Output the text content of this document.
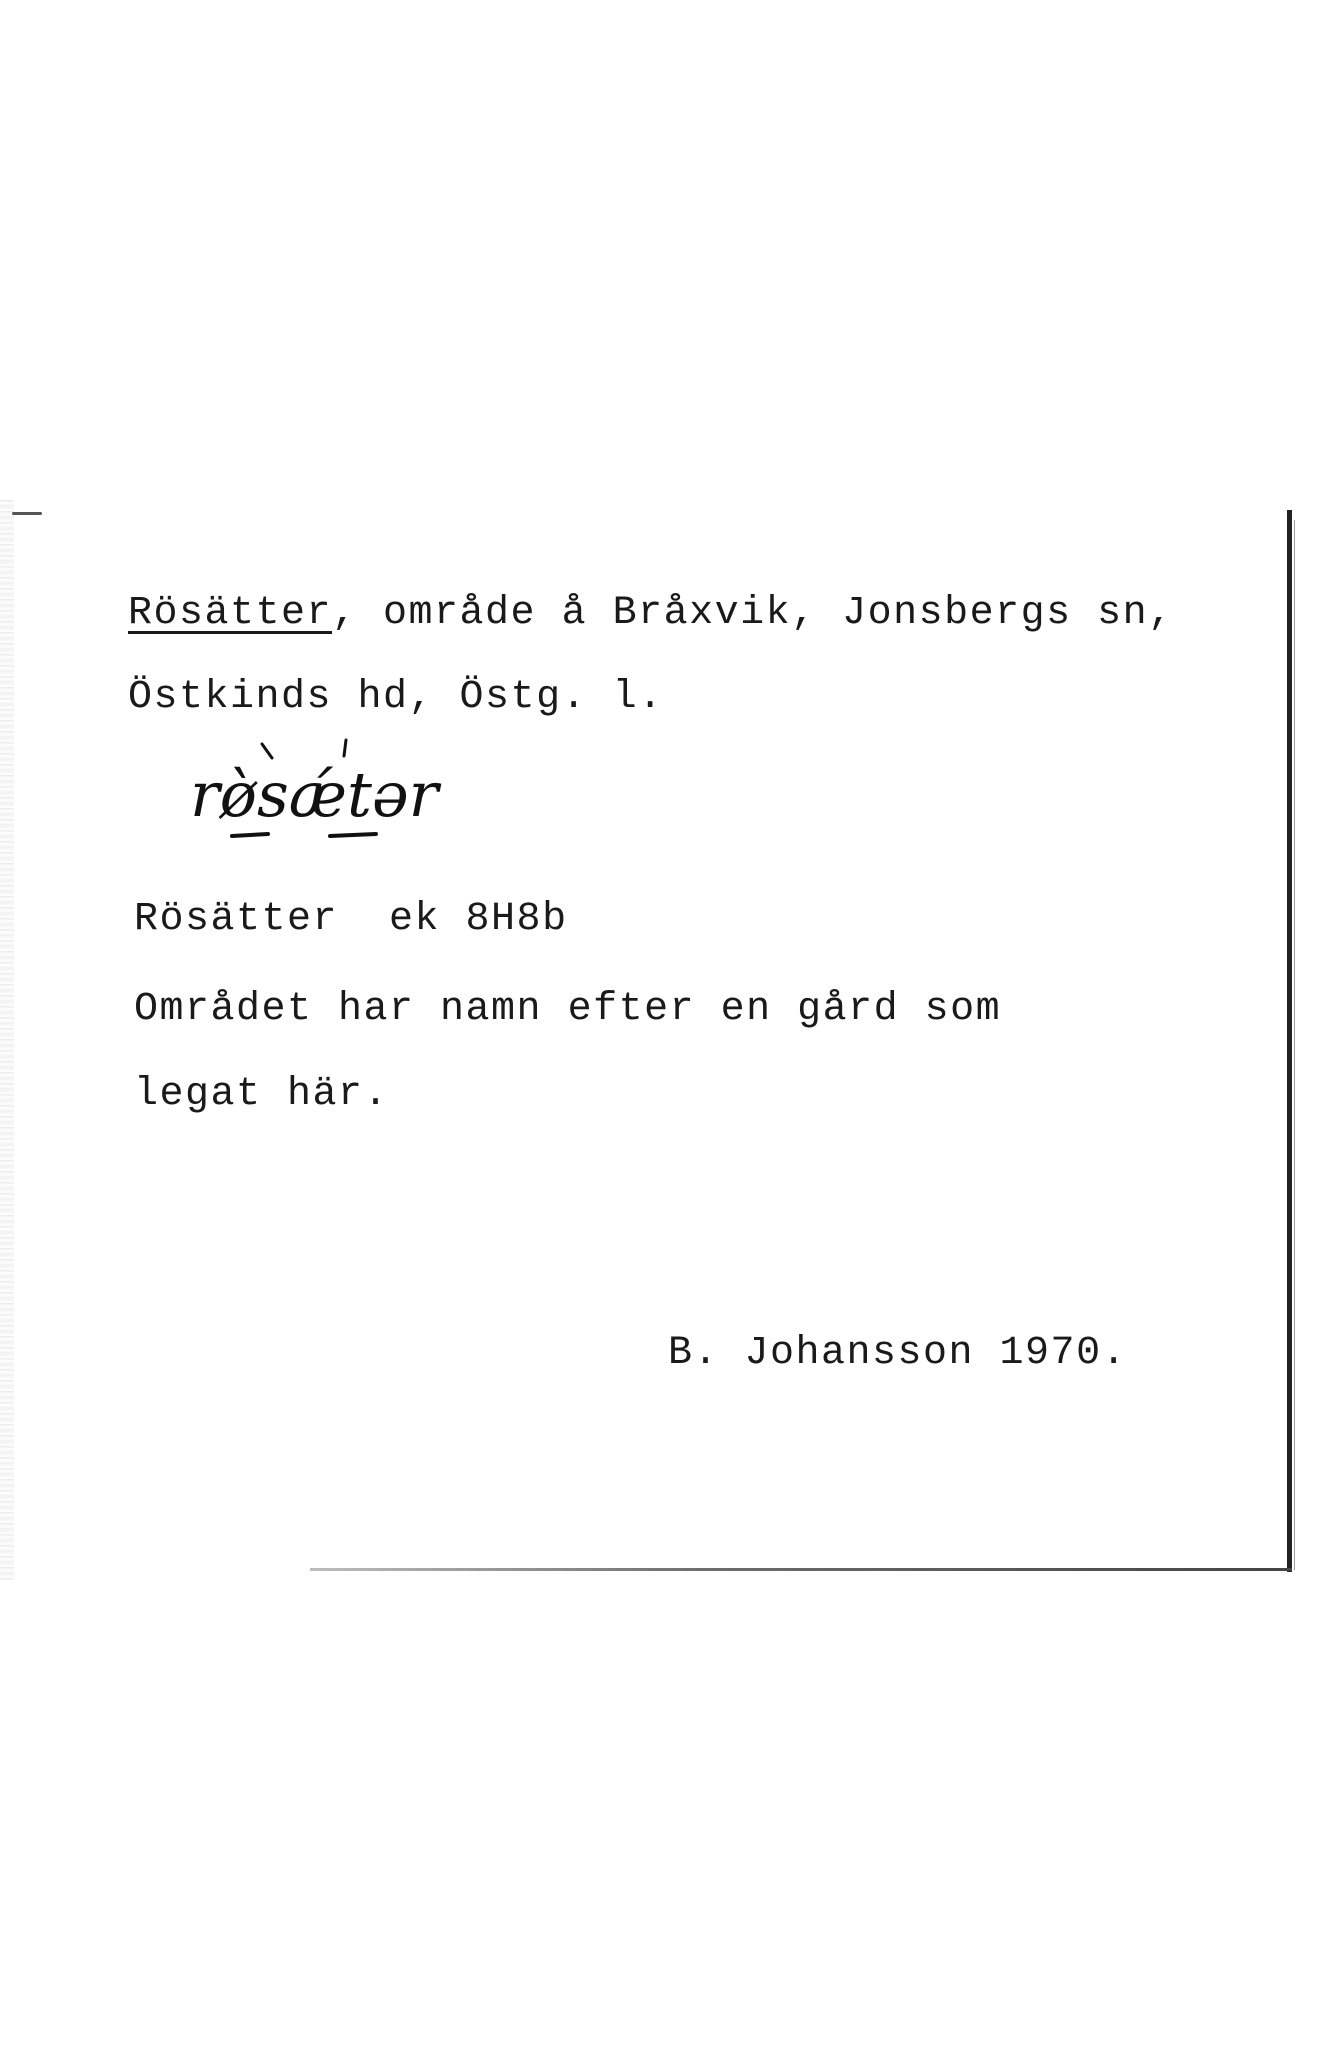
Rösätter, område å Bråxvik, Jonsbergs sn,
Östkinds hd, Östg. l.
rø̀sǽtər
Rösätter  ek 8H8b
Området har namn efter en gård som
legat här.
B. Johansson 1970.
